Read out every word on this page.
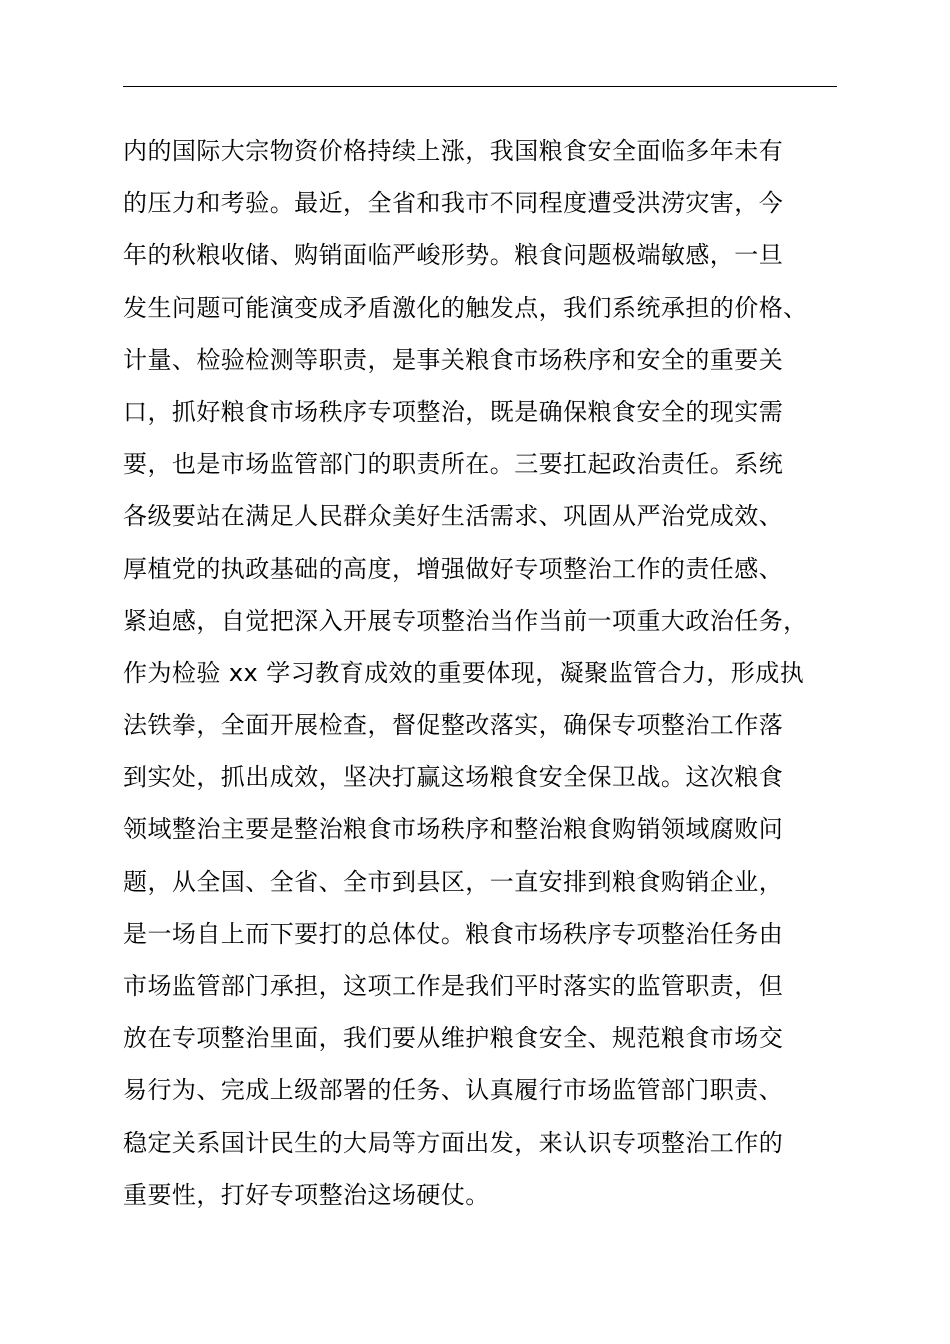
内的国际大宗物资价格持续上涨，我国粮食安全面临多年未有
的压力和考验。最近，全省和我市不同程度遭受洪涝灾害，今
年的秋粮收储、购销面临严峻形势。粮食问题极端敏感，一旦
发生问题可能演变成矛盾激化的触发点，我们系统承担的价格、
计量、检验检测等职责，是事关粮食市场秩序和安全的重要关
口，抓好粮食市场秩序专项整治，既是确保粮食安全的现实需
要，也是市场监管部门的职责所在。三要扛起政治责任。系统
各级要站在满足人民群众美好生活需求、巩固从严治党成效、
厚植党的执政基础的高度，增强做好专项整治工作的责任感、
紧迫感，自觉把深入开展专项整治当作当前一项重大政治任务，
作为检验 xx 学习教育成效的重要体现，凝聚监管合力，形成执
法铁拳，全面开展检查，督促整改落实，确保专项整治工作落
到实处，抓出成效，坚决打赢这场粮食安全保卫战。这次粮食
领域整治主要是整治粮食市场秩序和整治粮食购销领域腐败问
题，从全国、全省、全市到县区，一直安排到粮食购销企业，
是一场自上而下要打的总体仗。粮食市场秩序专项整治任务由
市场监管部门承担，这项工作是我们平时落实的监管职责，但
放在专项整治里面，我们要从维护粮食安全、规范粮食市场交
易行为、完成上级部署的任务、认真履行市场监管部门职责、
稳定关系国计民生的大局等方面出发，来认识专项整治工作的
重要性，打好专项整治这场硬仗。
